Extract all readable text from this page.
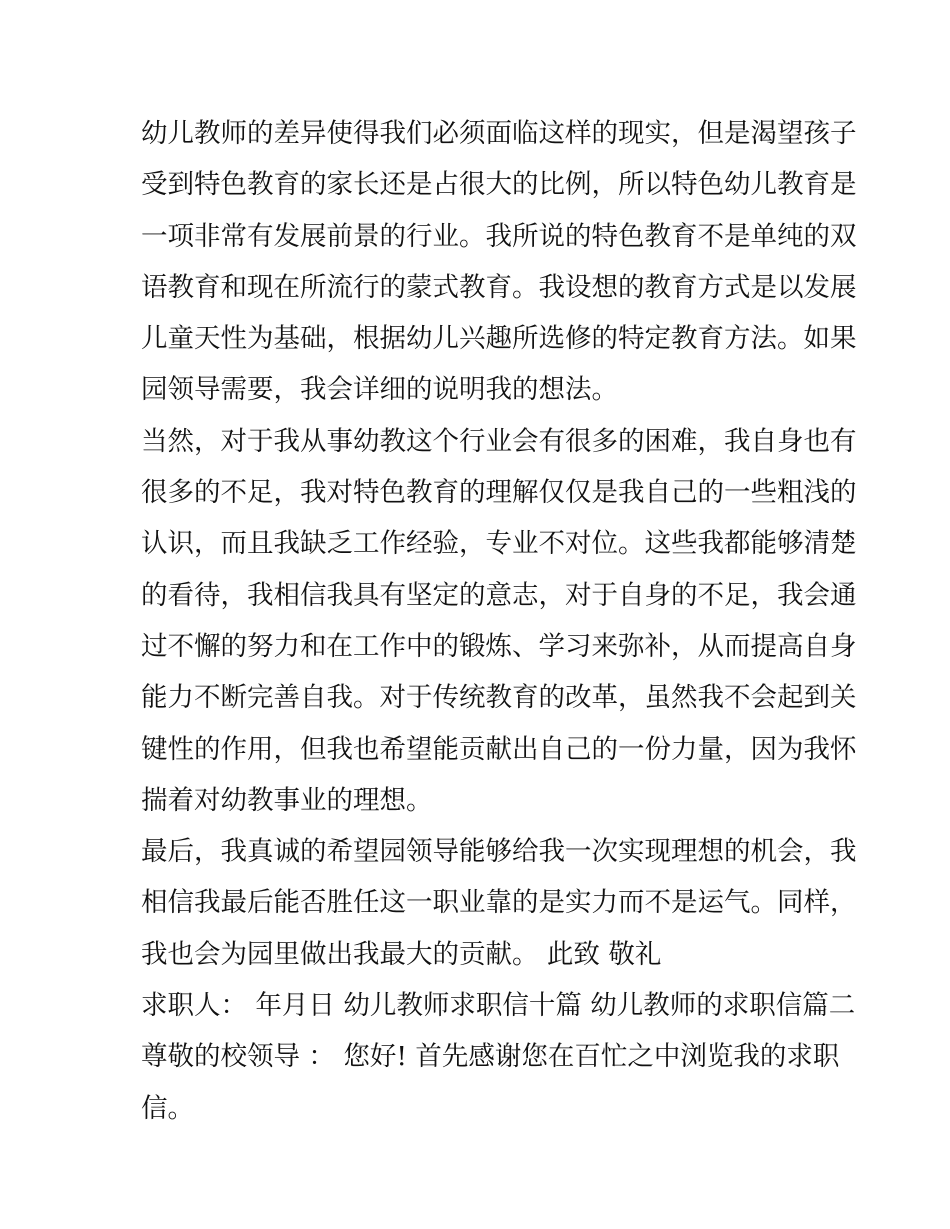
幼儿教师的差异使得我们必须面临这样的现实，但是渴望孩子
受到特色教育的家长还是占很大的比例，所以特色幼儿教育是
一项非常有发展前景的行业。我所说的特色教育不是单纯的双
语教育和现在所流行的蒙式教育。我设想的教育方式是以发展
儿童天性为基础，根据幼儿兴趣所选修的特定教育方法。如果
园领导需要，我会详细的说明我的想法。
当然，对于我从事幼教这个行业会有很多的困难，我自身也有
很多的不足，我对特色教育的理解仅仅是我自己的一些粗浅的
认识，而且我缺乏工作经验，专业不对位。这些我都能够清楚
的看待，我相信我具有坚定的意志，对于自身的不足，我会通
过不懈的努力和在工作中的锻炼、学习来弥补，从而提高自身
能力不断完善自我。对于传统教育的改革，虽然我不会起到关
键性的作用，但我也希望能贡献出自己的一份力量，因为我怀
揣着对幼教事业的理想。
最后，我真诚的希望园领导能够给我一次实现理想的机会，我
相信我最后能否胜任这一职业靠的是实力而不是运气。同样，
我也会为园里做出我最大的贡献。 此致 敬礼
求职人： 年月日 幼儿教师求职信十篇 幼儿教师的求职信篇二
尊敬的校领导 ： 您好! 首先感谢您在百忙之中浏览我的求职
信。
